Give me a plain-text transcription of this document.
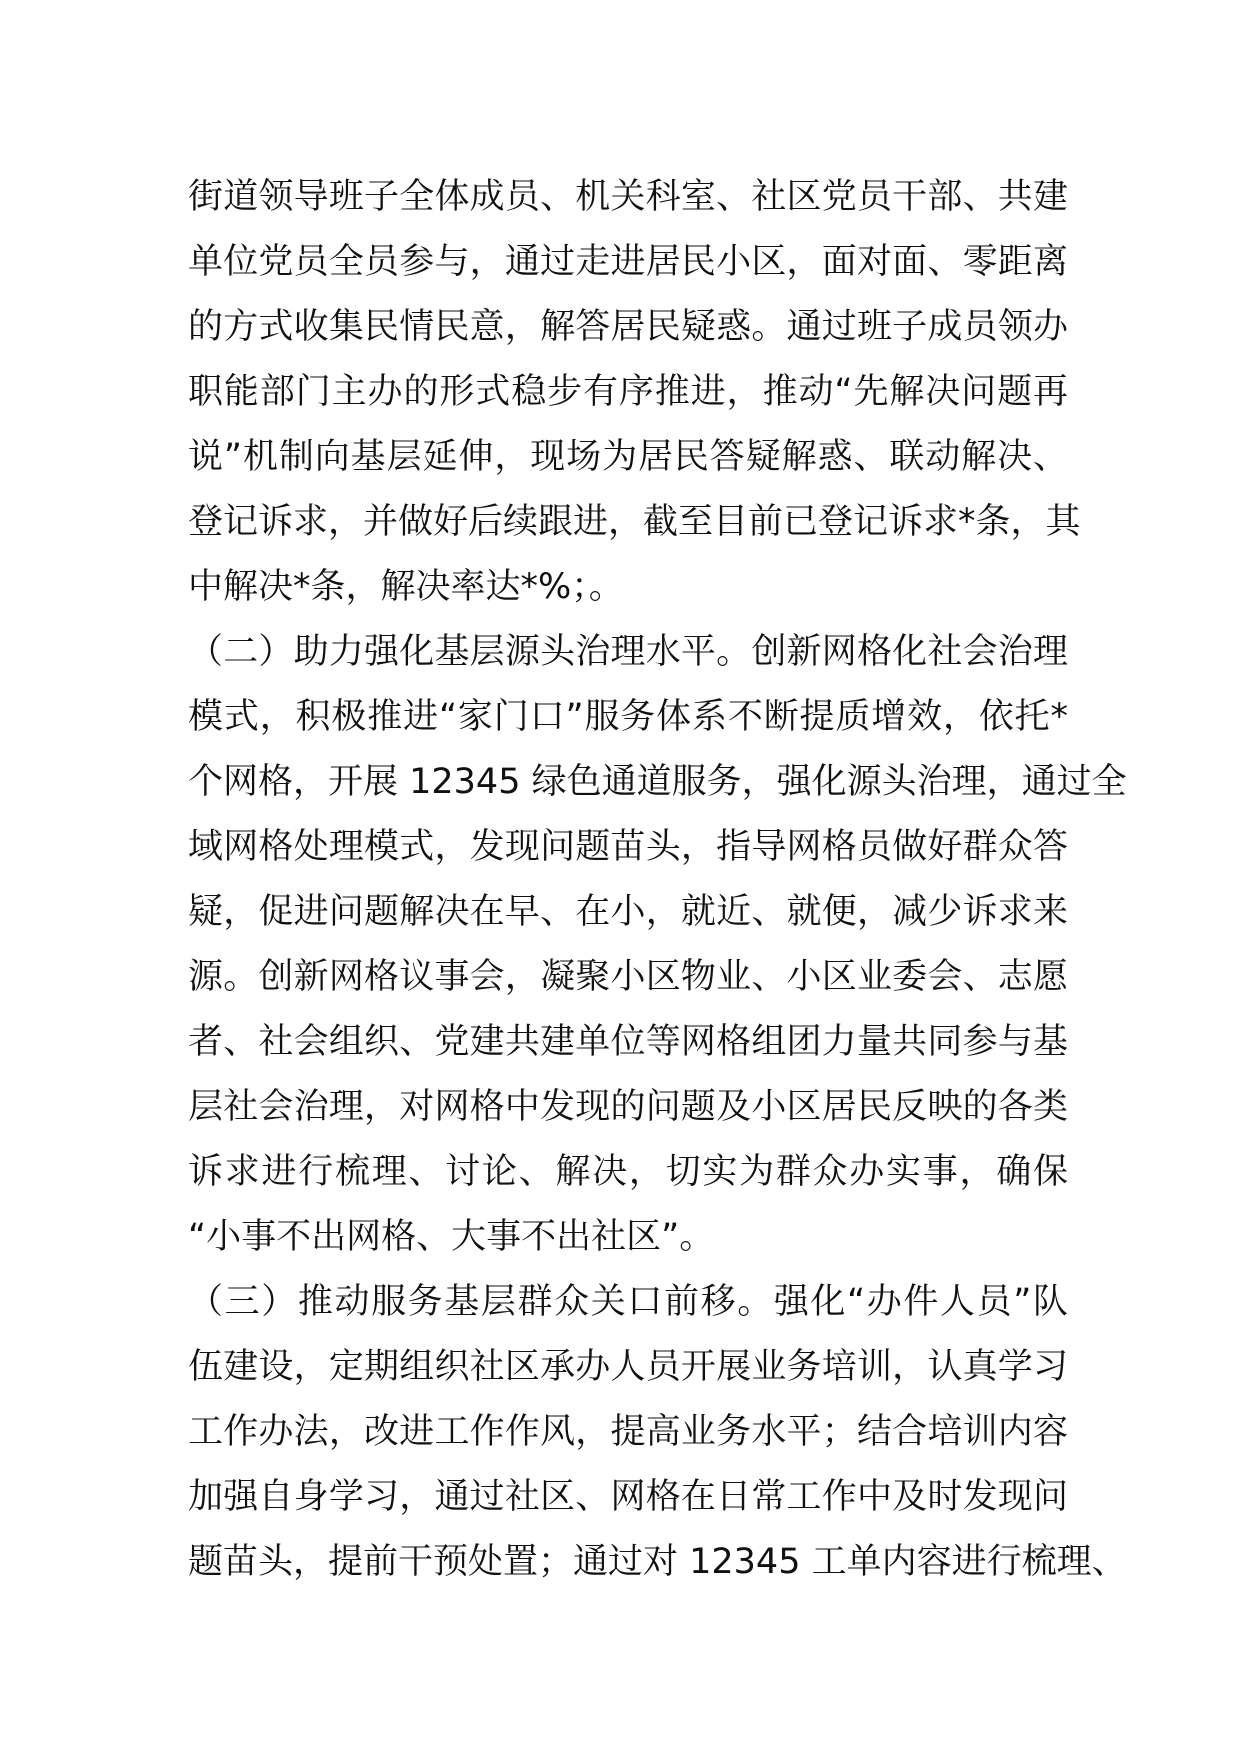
街道领导班子全体成员、机关科室、社区党员干部、共建
单位党员全员参与，通过走进居民小区，面对面、零距离
的方式收集民情民意，解答居民疑惑。通过班子成员领办
职能部门主办的形式稳步有序推进，推动“先解决问题再
说”机制向基层延伸，现场为居民答疑解惑、联动解决、
登记诉求，并做好后续跟进，截至目前已登记诉求*条，其
中解决*条，解决率达*%；。
（二）助力强化基层源头治理水平。创新网格化社会治理
模式，积极推进“家门口”服务体系不断提质增效，依托*
个网格，开展 12345 绿色通道服务，强化源头治理，通过全
域网格处理模式，发现问题苗头，指导网格员做好群众答
疑，促进问题解决在早、在小，就近、就便，减少诉求来
源。创新网格议事会，凝聚小区物业、小区业委会、志愿
者、社会组织、党建共建单位等网格组团力量共同参与基
层社会治理，对网格中发现的问题及小区居民反映的各类
诉求进行梳理、讨论、解决，切实为群众办实事，确保
“小事不出网格、大事不出社区”。
（三）推动服务基层群众关口前移。强化“办件人员”队
伍建设，定期组织社区承办人员开展业务培训，认真学习
工作办法，改进工作作风，提高业务水平；结合培训内容
加强自身学习，通过社区、网格在日常工作中及时发现问
题苗头，提前干预处置；通过对 12345 工单内容进行梳理、
